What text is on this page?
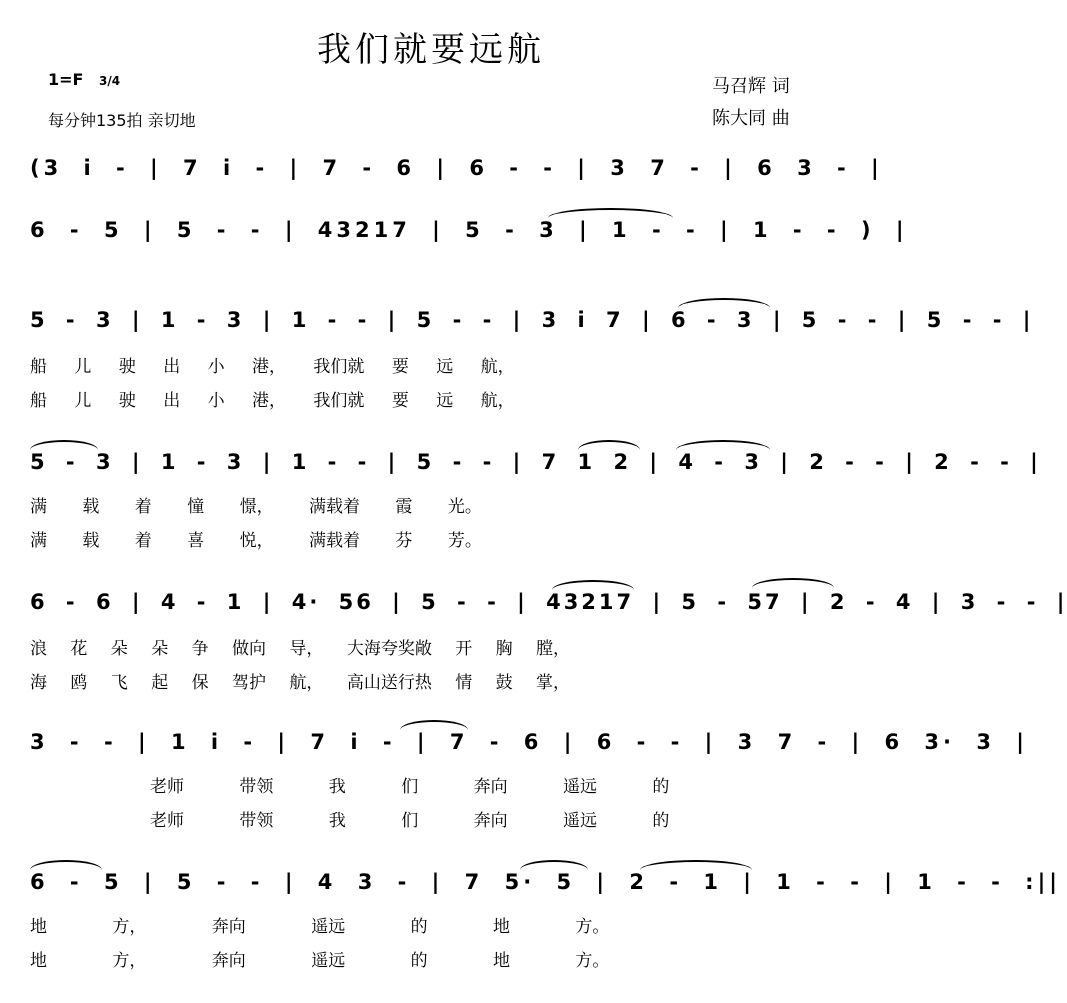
我们就要远航
1=F 3/4
每分钟135拍 亲切地
马召辉 词
陈大同 曲
(3 i - | 7 i - | 7 - 6 | 6 - - | 3 7 - | 6 3 - |
6 - 5 | 5 - - | 43217 | 5 - 3 | 1 - - | 1 - - ) |
5 - 3 | 1 - 3 | 1 - - | 5 - - | 3 i 7 | 6 - 3 | 5 - - | 5 - - |
船 儿 驶 出 小 港， 我们就 要 远 航，
船 儿 驶 出 小 港， 我们就 要 远 航，
5 - 3 | 1 - 3 | 1 - - | 5 - - | 7 1 2 | 4 - 3 | 2 - - | 2 - - |
满 载 着 憧 憬， 满载着 霞 光。
满 载 着 喜 悦， 满载着 芬 芳。
6 - 6 | 4 - 1 | 4· 56 | 5 - - | 43217 | 5 - 57 | 2 - 4 | 3 - - |
浪 花 朵 朵 争 做向 导， 大海夸奖敞 开 胸 膛，
海 鸥 飞 起 保 驾护 航， 高山送行热 情 鼓 掌，
3 - - | 1 i - | 7 i - | 7 - 6 | 6 - - | 3 7 - | 6 3· 3 |
老师 带领 我 们 奔向 遥远 的
老师 带领 我 们 奔向 遥远 的
6 - 5 | 5 - - | 4 3 - | 7 5· 5 | 2 - 1 | 1 - - | 1 - - :||
地 方， 奔向 遥远 的 地 方。
地 方， 奔向 遥远 的 地 方。
